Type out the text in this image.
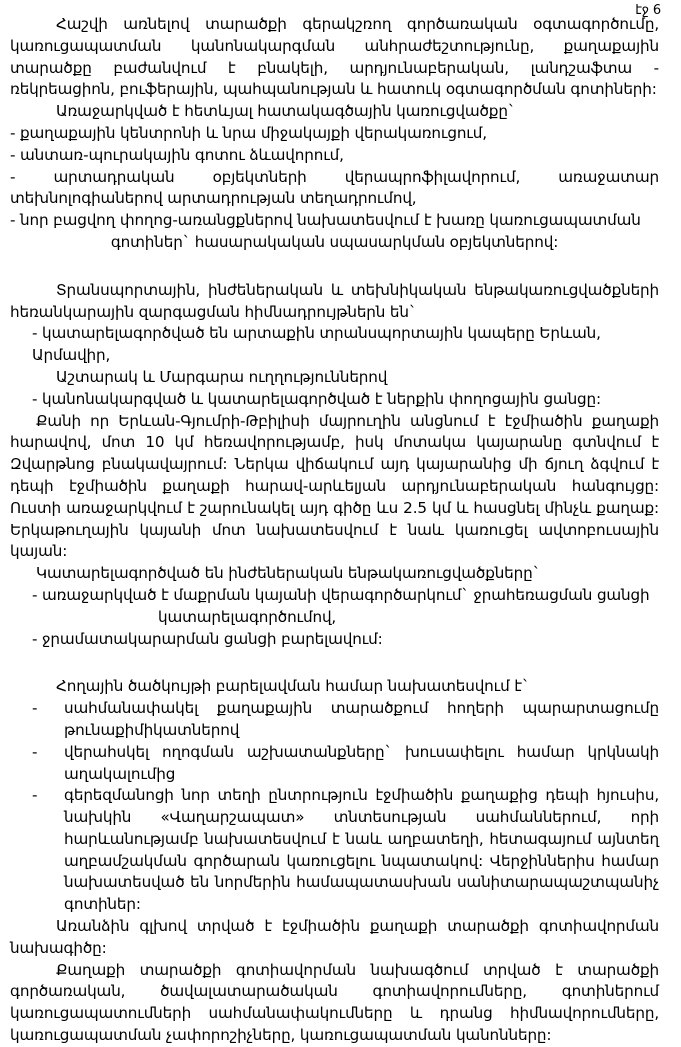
էջ 6

Հաշվի առնելով տարածքի գերակշռող գործառական օգտագործումը, կառուցապատման կանոնակարգման անհրաժեշտությունը, քաղաքային տարածքը բաժանվում է բնակելի, արդյունաբերական, լանդշաֆտա - ռեկրեացիոն, բուֆերային, պահպանության և հատուկ օգտագործման գոտիների:

Առաջարկված է հետևյալ հատակագծային կառուցվածքը`

- քաղաքային կենտրոնի և նրա միջակայքի վերակառուցում,
- անտառ-պուրակային գոտու ձևավորում,
- արտադրական օբյեկտների վերապրոֆիլավորում, առաջատար տեխնոլոգիաներով արտադրության տեղադրումով,
- նոր բացվող փողոց-առանցքներով նախատեսվում է խառը կառուցապատման

գոտիներ` հասարակական սպասարկման օբյեկտներով:

Տրանսպորտային, ինժեներական և տեխնիկական ենթակառուցվածքների հեռանկարային զարգացման հիմնադրույթներն են`

- կատարելագործված են արտաքին տրանսպորտային կապերը Երևան, Արմավիր,
Աշտարակ և Մարգարա ուղղություններով
- կանոնակարգված և կատարելագործված է ներքին փողոցային ցանցը:

Քանի որ Երևան-Գյումրի-Թբիլիսի մայրուղին անցնում է էջմիածին քաղաքի հարավով, մոտ 10 կմ հեռավորությամբ, իսկ մոտակա կայարանը գտնվում է Զվարթնոց բնակավայրում: Ներկա վիճակում այդ կայարանից մի ճյուղ ձգվում է դեպի էջմիածին քաղաքի հարավ-արևելյան արդյունաբերական հանգույցը: Ուստի առաջարկվում է շարունակել այդ գիծը ևս 2.5 կմ և հասցնել մինչև քաղաք: Երկաթուղային կայանի մոտ նախատեսվում է նաև կառուցել ավտոբուսային կայան:

Կատարելագործված են ինժեներական ենթակառուցվածքները`

- առաջարկված է մաքրման կայանի վերագործարկում` ջրահեռացման ցանցի
կատարելագործումով,
- ջրամատակարարման ցանցի բարելավում:

Հողային ծածկույթի բարելավման համար նախատեսվում է`

-	սահմանափակել քաղաքային տարածքում հողերի պարարտացումը թունաքիմիկատներով
-	վերահսկել ողոգման աշխատանքները` խուսափելու համար կրկնակի աղակալումից
-	գերեզմանոցի նոր տեղի ընտրություն էջմիածին քաղաքից դեպի հյուսիս, նախկին «Վաղարշապատ» տնտեսության սահմաններում, որի հարևանությամբ նախատեսվում է նաև աղբատեղի, հետագայում այնտեղ աղբամշակման գործարան կառուցելու նպատակով: Վերջիններիս համար նախատեսված են նորմերին համապատասխան սանիտարապաշտպանիչ գոտիներ:

Առանձին գլխով տրված է էջմիածին քաղաքի տարածքի գոտիավորման նախագիծը:

Քաղաքի տարածքի գոտիավորման նախագծում տրված է տարածքի գործառական, ծավալատարածական գոտիավորումները, գոտիներում կառուցապատումների սահմանափակումները և դրանց հիմնավորումները, կառուցապատման չափորոշիչները, կառուցապատման կանոնները:
